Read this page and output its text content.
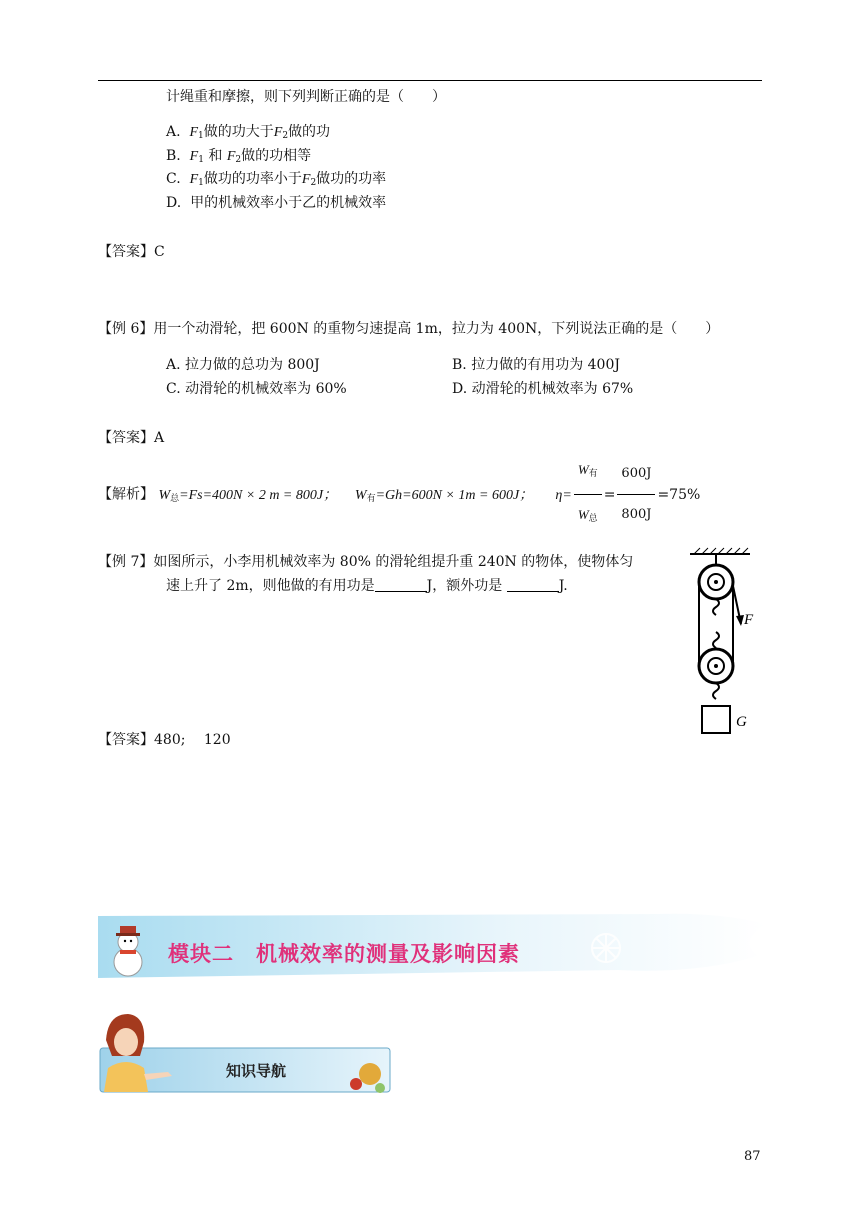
计绳重和摩擦，则下列判断正确的是（　　）
A. $F_1$做的功大于$F_2$做的功
B. $F_1$ 和 $F_2$做的功相等
C. $F_1$做功的功率小于$F_2$做功的功率
D. 甲的机械效率小于乙的机械效率
【答案】C
【例 6】用一个动滑轮，把 600N 的重物匀速提高 1m，拉力为 400N，下列说法正确的是（　　）
A. 拉力做的总功为 800J	B. 拉力做的有用功为 400J
C. 动滑轮的机械效率为 60%	D. 动滑轮的机械效率为 67%
【答案】A
【解析】 $W_总=Fs=400N \times 2$ m = 800J； $W_有=Gh=600N \times 1m = 600J$； $\eta= \frac{W_有}{W_总} = \frac{600J}{800J} =75\%$
【例 7】如图所示，小李用机械效率为 80% 的滑轮组提升重 240N 的物体，使物体匀
速上升了 2m，则他做的有用功是	J，额外功是	J.
F
G
【答案】480;　 120
模块二　机械效率的测量及影响因素
知识导航
87
